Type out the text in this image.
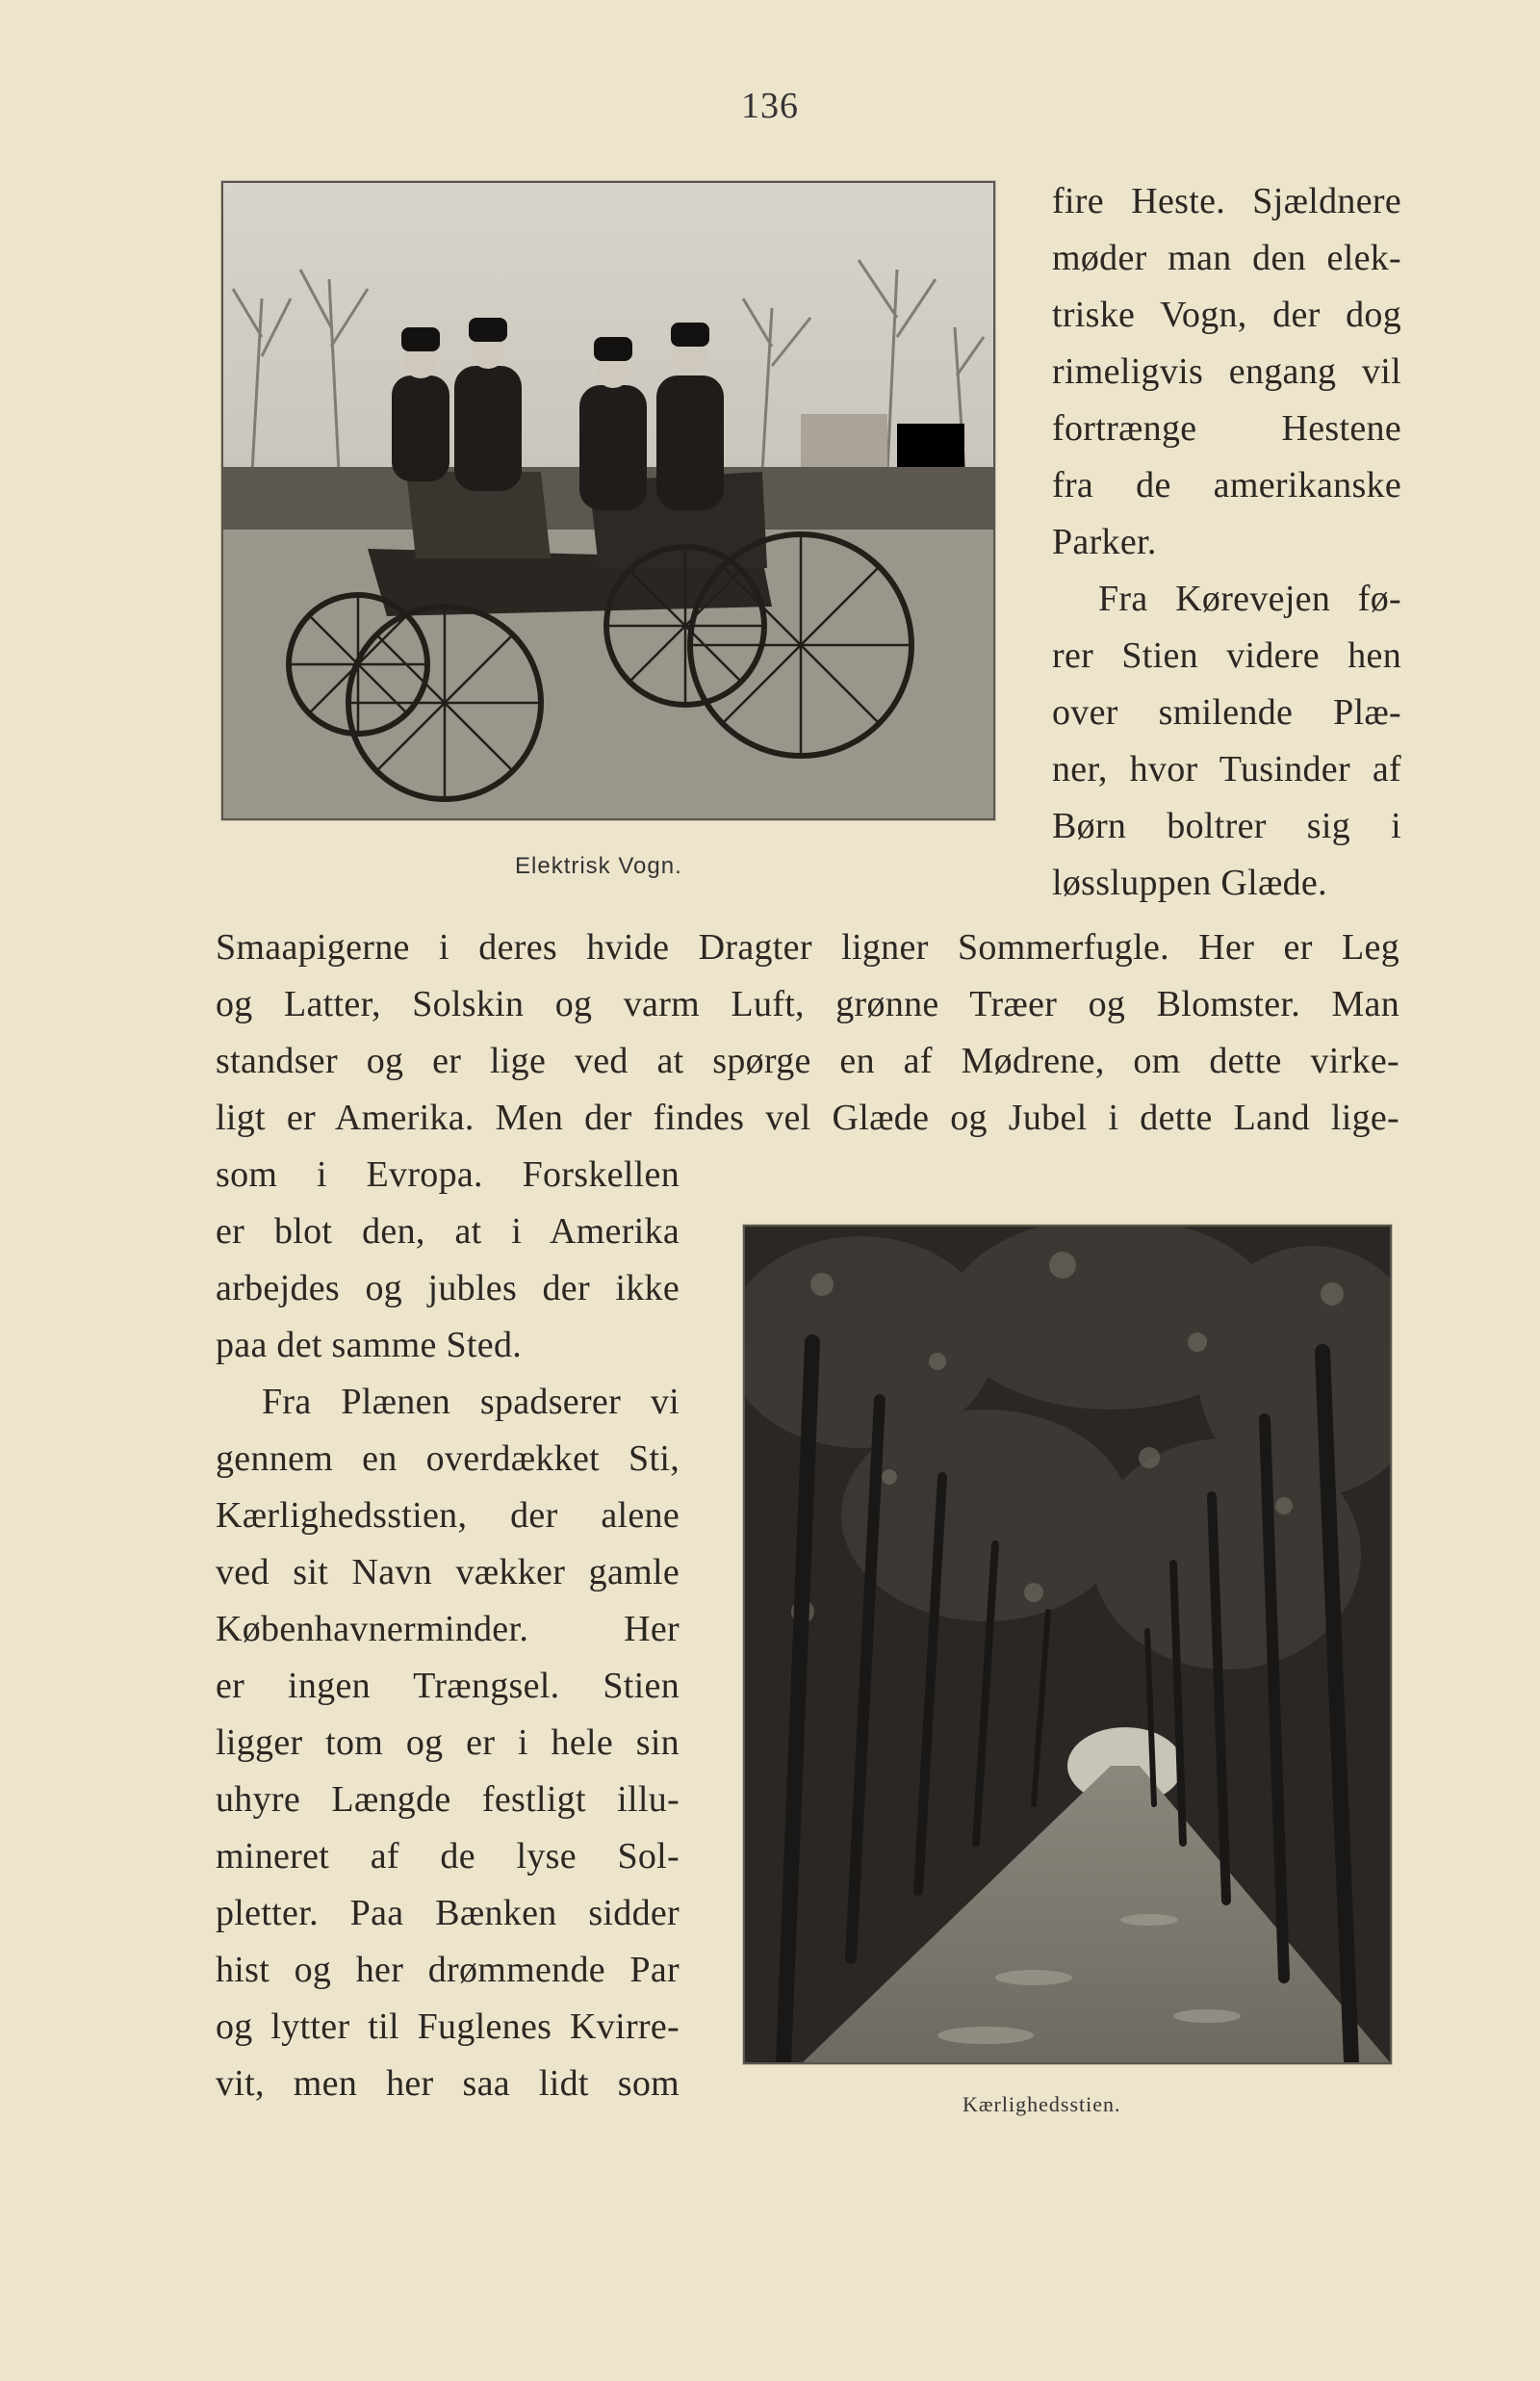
136
Elektrisk Vogn.
fire Heste. Sjældnere
møder man den elek-
triske Vogn, der dog
rimeligvis engang vil
fortrænge Hestene
fra de amerikanske
Parker.
Fra Kørevejen fø-
rer Stien videre hen
over smilende Plæ-
ner, hvor Tusinder af
Børn boltrer sig i
løssluppen Glæde.
Smaapigerne i deres hvide Dragter ligner Sommerfugle. Her er Leg
og Latter, Solskin og varm Luft, grønne Træer og Blomster. Man
standser og er lige ved at spørge en af Mødrene, om dette virke-
ligt er Amerika. Men der findes vel Glæde og Jubel i dette Land lige-
Kærlighedsstien.
som i Evropa. Forskellen
er blot den, at i Amerika
arbejdes og jubles der ikke
paa det samme Sted.
Fra Plænen spadserer vi
gennem en overdækket Sti,
Kærlighedsstien, der alene
ved sit Navn vækker gamle
Københavnerminder. Her
er ingen Trængsel. Stien
ligger tom og er i hele sin
uhyre Længde festligt illu-
mineret af de lyse Sol-
pletter. Paa Bænken sidder
hist og her drømmende Par
og lytter til Fuglenes Kvirre-
vit, men her saa lidt som
